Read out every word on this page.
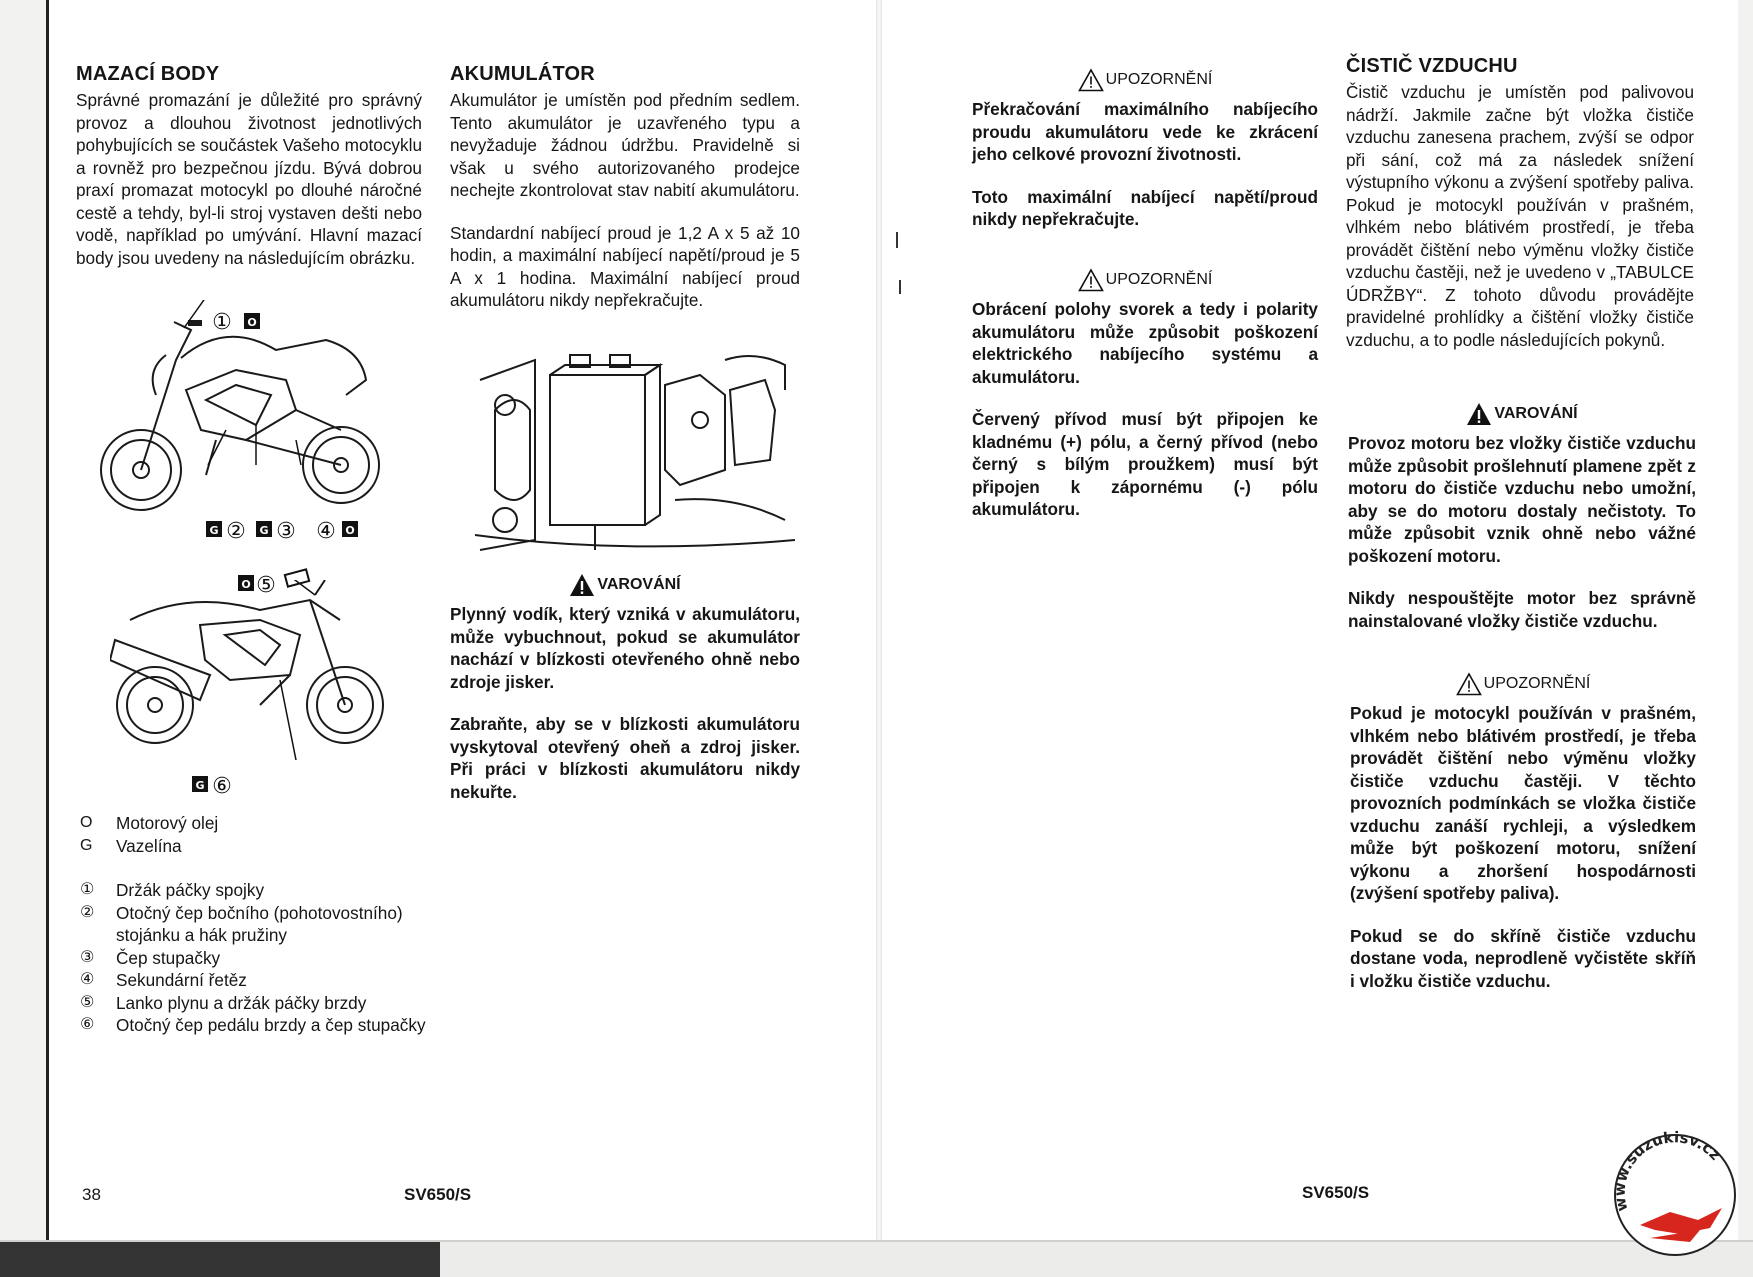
MAZACÍ BODY

Správné promazání je důležité pro správný provoz a dlouhou životnost jednotlivých pohybujících se součástek Vašeho motocyklu a rovněž pro bezpečnou jízdu. Bývá dobrou praxí promazat motocykl po dlouhé náročné cestě a tehdy, byl-li stroj vystaven dešti nebo vodě, například po umývání. Hlavní mazací body jsou uvedeny na následujícím obrázku.

① O
G ② G ③ ④ O
O ⑤
G ⑥
O	Motorový olej
G	Vazelína
①	Držák páčky spojky
②	Otočný čep bočního (pohotovostního) stojánku a hák pružiny
③	Čep stupačky
④	Sekundární řetěz
⑤	Lanko plynu a držák páčky brzdy
⑥	Otočný čep pedálu brzdy a čep stupačky
AKUMULÁTOR

Akumulátor je umístěn pod předním sedlem. Tento akumulátor je uzavřeného typu a nevyžaduje žádnou údržbu. Pravidelně si však u svého autorizovaného prodejce nechejte zkontrolovat stav nabití akumulátoru.

Standardní nabíjecí proud je 1,2 A x 5 až 10 hodin, a maximální nabíjecí napětí/proud je 5 A x 1 hodina. Maximální nabíjecí proud akumulátoru nikdy nepřekračujte.

VAROVÁNÍ

Plynný vodík, který vzniká v akumulátoru, může vybuchnout, pokud se akumulátor nachází v blízkosti otevřeného ohně nebo zdroje jisker.

Zabraňte, aby se v blízkosti akumulátoru vyskytoval otevřený oheň a zdroj jisker. Při práci v blízkosti akumulátoru nikdy nekuřte.

38	SV650/S
UPOZORNĚNÍ

Překračování maximálního nabíjecího proudu akumulátoru vede ke zkrácení jeho celkové provozní životnosti.

Toto maximální nabíjecí napětí/proud nikdy nepřekračujte.

UPOZORNĚNÍ

Obrácení polohy svorek a tedy i polarity akumulátoru může způsobit poškození elektrického nabíjecího systému a akumulátoru.

Červený přívod musí být připojen ke kladnému (+) pólu, a černý přívod (nebo černý s bílým proužkem) musí být připojen k zápornému (-) pólu akumulátoru.

ČISTIČ VZDUCHU

Čistič vzduchu je umístěn pod palivovou nádrží. Jakmile začne být vložka čističe vzduchu zanesena prachem, zvýší se odpor při sání, což má za následek snížení výstupního výkonu a zvýšení spotřeby paliva. Pokud je motocykl používán v prašném, vlhkém nebo blátivém prostředí, je třeba provádět čištění nebo výměnu vložky čističe vzduchu častěji, než je uvedeno v „TABULCE ÚDRŽBY“. Z tohoto důvodu provádějte pravidelné prohlídky a čištění vložky čističe vzduchu, a to podle následujících pokynů.

VAROVÁNÍ

Provoz motoru bez vložky čističe vzduchu může způsobit prošlehnutí plamene zpět z motoru do čističe vzduchu nebo umožní, aby se do motoru dostaly nečistoty. To může způsobit vznik ohně nebo vážné poškození motoru.

Nikdy nespouštějte motor bez správně nainstalované vložky čističe vzduchu.

UPOZORNĚNÍ

Pokud je motocykl používán v prašném, vlhkém nebo blátivém prostředí, je třeba provádět čištění nebo výměnu vložky čističe vzduchu častěji. V těchto provozních podmínkách se vložka čističe vzduchu zanáší rychleji, a výsledkem může být poškození motoru, snížení výkonu a zhoršení hospodárnosti (zvýšení spotřeby paliva).

Pokud se do skříně čističe vzduchu dostane voda, neprodleně vyčistěte skříň i vložku čističe vzduchu.

SV650/S
www.suzukisv.cz
